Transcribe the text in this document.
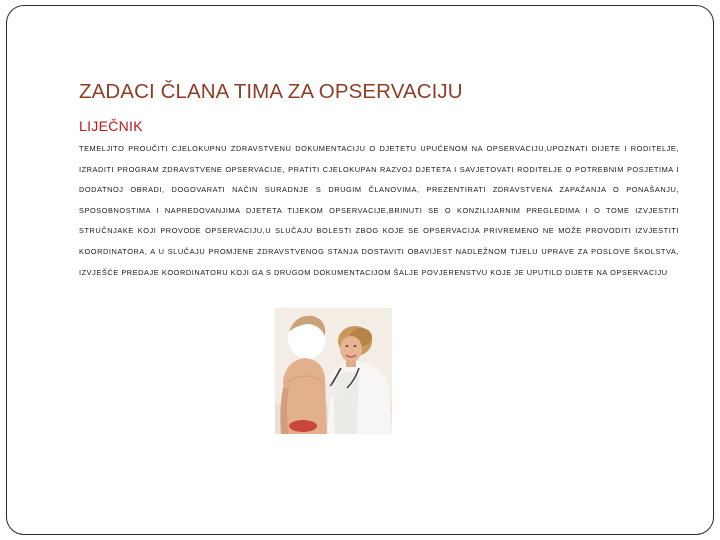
ZADACI ČLANA TIMA ZA OPSERVACIJU
LIJEČNIK

TEMELJITO PROUČITI CJELOKUPNU ZDRAVSTVENU DOKUMENTACIJU O DJETETU UPUĆENOM NA OPSERVACIJU,UPOZNATI DIJETE I RODITELJE, IZRADITI PROGRAM ZDRAVSTVENE OPSERVACIJE, PRATITI CJELOKUPAN RAZVOJ DJETETA I SAVJETOVATI RODITELJE O POTREBNIM POSJETIMA I DODATNOJ OBRADI, DOGOVARATI NAČIN SURADNJE S DRUGIM ČLANOVIMA, PREZENTIRATI ZDRAVSTVENA ZAPAŽANJA O PONAŠANJU, SPOSOBNOSTIMA I NAPREDOVANJIMA DJETETA TIJEKOM OPSERVACIJE,BRINUTI SE O KONZILIJARNIM PREGLEDIMA I O TOME IZVJESTITI STRUČNJAKE KOJI PROVODE OPSERVACIJU,U SLUČAJU BOLESTI ZBOG KOJE SE OPSERVACIJA PRIVREMENO NE MOŽE PROVODITI IZVJESTITI KOORDINATORA, A U SLUČAJU PROMJENE ZDRAVSTVENOG STANJA DOSTAVITI OBAVIJEST NADLEŽNOM TIJELU UPRAVE ZA POSLOVE ŠKOLSTVA, IZVJEŠĆE PREDAJE KOORDINATORU KOJI GA S DRUGOM DOKUMENTACIJOM ŠALJE POVJERENSTVU KOJE JE UPUTILO DIJETE NA OPSERVACIJU
